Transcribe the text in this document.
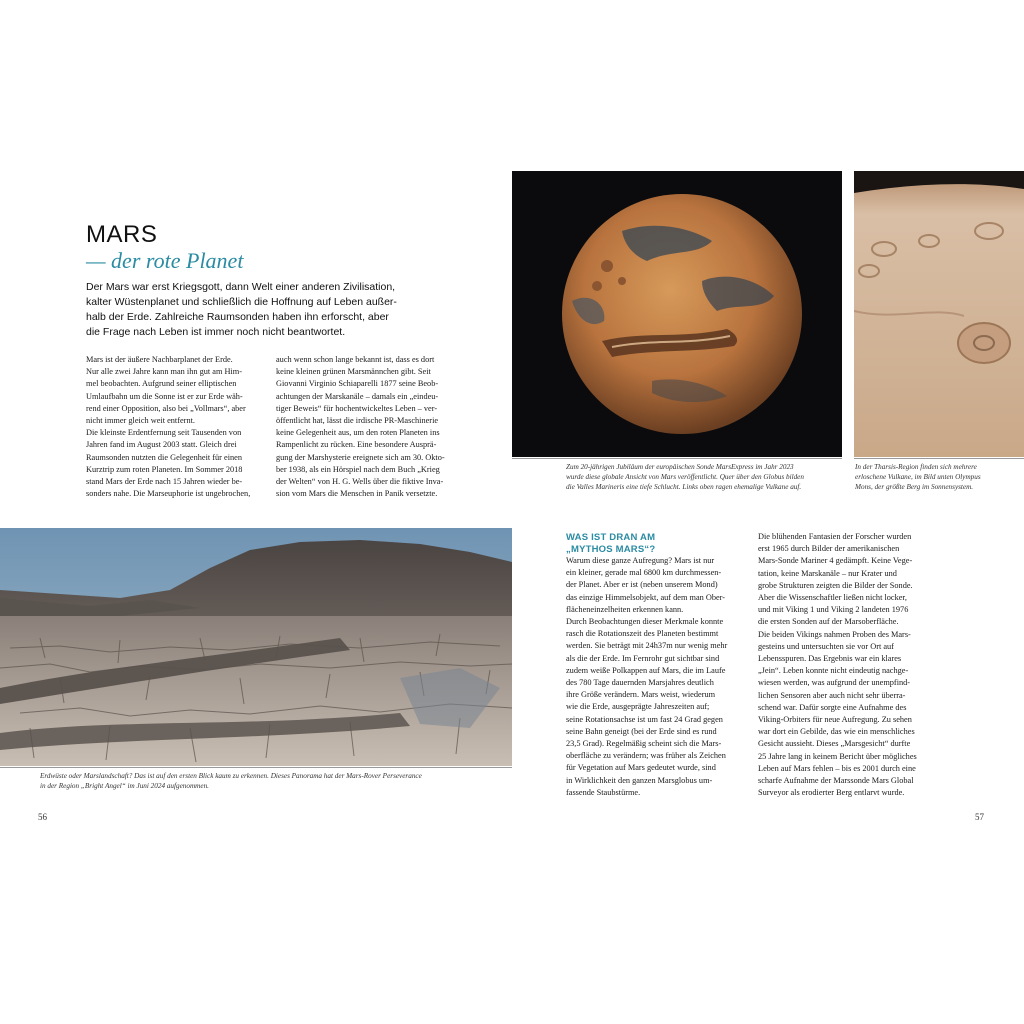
MARS
— der rote Planet
Der Mars war erst Kriegsgott, dann Welt einer anderen Zivilisation,
kalter Wüstenplanet und schließlich die Hoffnung auf Leben außer-
halb der Erde. Zahlreiche Raumsonden haben ihn erforscht, aber
die Frage nach Leben ist immer noch nicht beantwortet.
Mars ist der äußere Nachbarplanet der Erde.
Nur alle zwei Jahre kann man ihn gut am Him-
mel beobachten. Aufgrund seiner elliptischen
Umlaufbahn um die Sonne ist er zur Erde wäh-
rend einer Opposition, also bei „Vollmars“, aber
nicht immer gleich weit entfernt.
Die kleinste Erdentfernung seit Tausenden von
Jahren fand im August 2003 statt. Gleich drei
Raumsonden nutzten die Gelegenheit für einen
Kurztrip zum roten Planeten. Im Sommer 2018
stand Mars der Erde nach 15 Jahren wieder be-
sonders nahe. Die Marseuphorie ist ungebrochen,
auch wenn schon lange bekannt ist, dass es dort
keine kleinen grünen Marsmännchen gibt. Seit
Giovanni Virginio Schiaparelli 1877 seine Beob-
achtungen der Marskanäle – damals ein „eindeu-
tiger Beweis“ für hochentwickeltes Leben – ver-
öffentlicht hat, lässt die irdische PR-Maschinerie
keine Gelegenheit aus, um den roten Planeten ins
Rampenlicht zu rücken. Eine besondere Ausprä-
gung der Marshysterie ereignete sich am 30. Okto-
ber 1938, als ein Hörspiel nach dem Buch „Krieg
der Welten“ von H. G. Wells über die fiktive Inva-
sion vom Mars die Menschen in Panik versetzte.
Erdwüste oder Marslandschaft? Das ist auf den ersten Blick kaum zu erkennen. Dieses Panorama hat der Mars-Rover Perseverance
in der Region „Bright Angel“ im Juni 2024 aufgenommen.
56
Zum 20-jährigen Jubiläum der europäischen Sonde MarsExpress im Jahr 2023
wurde diese globale Ansicht von Mars veröffentlicht. Quer über den Globus bilden
die Valles Marineris eine tiefe Schlucht. Links oben ragen ehemalige Vulkane auf.
In der Tharsis-Region finden sich mehrere
erloschene Vulkane, im Bild unten Olympus
Mons, der größte Berg im Sonnensystem.
WAS IST DRAN AM
„MYTHOS MARS“?
Warum diese ganze Aufregung? Mars ist nur
ein kleiner, gerade mal 6800 km durchmessen-
der Planet. Aber er ist (neben unserem Mond)
das einzige Himmelsobjekt, auf dem man Ober-
flächeneinzelheiten erkennen kann.
Durch Beobachtungen dieser Merkmale konnte
rasch die Rotationszeit des Planeten bestimmt
werden. Sie beträgt mit 24h37m nur wenig mehr
als die der Erde. Im Fernrohr gut sichtbar sind
zudem weiße Polkappen auf Mars, die im Laufe
des 780 Tage dauernden Marsjahres deutlich
ihre Größe verändern. Mars weist, wiederum
wie die Erde, ausgeprägte Jahreszeiten auf;
seine Rotationsachse ist um fast 24 Grad gegen
seine Bahn geneigt (bei der Erde sind es rund
23,5 Grad). Regelmäßig scheint sich die Mars-
oberfläche zu verändern; was früher als Zeichen
für Vegetation auf Mars gedeutet wurde, sind
in Wirklichkeit den ganzen Marsglobus um-
fassende Staubstürme.
Die blühenden Fantasien der Forscher wurden
erst 1965 durch Bilder der amerikanischen
Mars-Sonde Mariner 4 gedämpft. Keine Vege-
tation, keine Marskanäle – nur Krater und
grobe Strukturen zeigten die Bilder der Sonde.
Aber die Wissenschaftler ließen nicht locker,
und mit Viking 1 und Viking 2 landeten 1976
die ersten Sonden auf der Marsoberfläche.
Die beiden Vikings nahmen Proben des Mars-
gesteins und untersuchten sie vor Ort auf
Lebensspuren. Das Ergebnis war ein klares
„Jein“. Leben konnte nicht eindeutig nachge-
wiesen werden, was aufgrund der unempfind-
lichen Sensoren aber auch nicht sehr überra-
schend war. Dafür sorgte eine Aufnahme des
Viking-Orbiters für neue Aufregung. Zu sehen
war dort ein Gebilde, das wie ein menschliches
Gesicht aussieht. Dieses „Marsgesicht“ durfte
25 Jahre lang in keinem Bericht über mögliches
Leben auf Mars fehlen – bis es 2001 durch eine
scharfe Aufnahme der Marssonde Mars Global
Surveyor als erodierter Berg entlarvt wurde.
57
